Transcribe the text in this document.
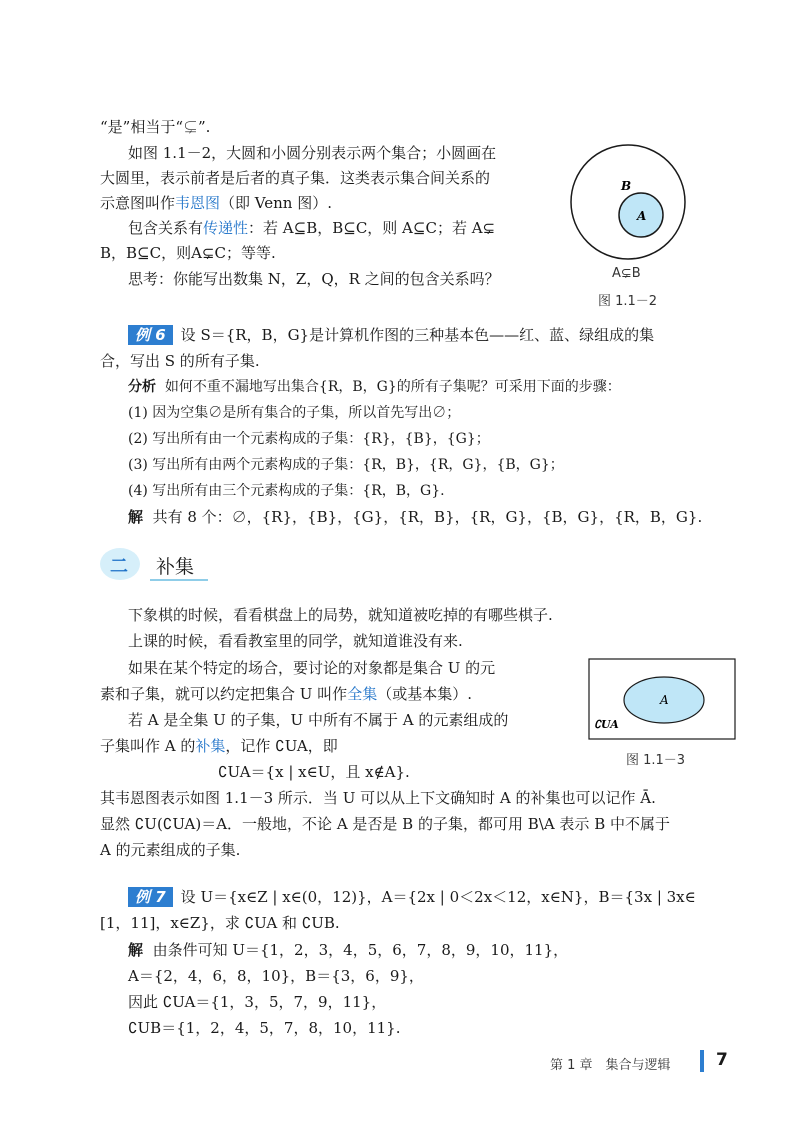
“是”相当于“⊊”.
如图 1.1－2，大圆和小圆分别表示两个集合；小圆画在
大圆里，表示前者是后者的真子集．这类表示集合间关系的
示意图叫作韦恩图（即 Venn 图）.
包含关系有传递性：若 A⊆B，B⊆C，则 A⊆C；若 A⊊
B，B⊆C，则A⊊C；等等.
思考：你能写出数集 N，Z，Q，R 之间的包含关系吗？
B
A
A⊊B
图 1.1－2
例 6 设 S＝{R，B，G}是计算机作图的三种基本色——红、蓝、绿组成的集
合，写出 S 的所有子集.
分析 如何不重不漏地写出集合{R，B，G}的所有子集呢？可采用下面的步骤：
(1) 因为空集∅是所有集合的子集，所以首先写出∅；
(2) 写出所有由一个元素构成的子集：{R}，{B}，{G}；
(3) 写出所有由两个元素构成的子集：{R，B}，{R，G}，{B，G}；
(4) 写出所有由三个元素构成的子集：{R，B，G}.
解 共有 8 个：∅，{R}，{B}，{G}，{R，B}，{R，G}，{B，G}，{R，B，G}.
二 补集
下象棋的时候，看看棋盘上的局势，就知道被吃掉的有哪些棋子.
上课的时候，看看教室里的同学，就知道谁没有来.
如果在某个特定的场合，要讨论的对象都是集合 U 的元
素和子集，就可以约定把集合 U 叫作全集（或基本集）.
若 A 是全集 U 的子集，U 中所有不属于 A 的元素组成的
子集叫作 A 的补集，记作 ∁UA，即
∁UA＝{x | x∈U，且 x∉A}.
其韦恩图表示如图 1.1－3 所示．当 U 可以从上下文确知时 A 的补集也可以记作 Ā.
显然 ∁U(∁UA)＝A．一般地，不论 A 是否是 B 的子集，都可用 B\A 表示 B 中不属于
A 的元素组成的子集.
A
∁UA
图 1.1－3
例 7 设 U＝{x∈Z | x∈(0，12)}，A＝{2x | 0＜2x＜12，x∈N}，B＝{3x | 3x∈
[1，11]，x∈Z}，求 ∁UA 和 ∁UB.
解 由条件可知 U＝{1，2，3，4，5，6，7，8，9，10，11}，
A＝{2，4，6，8，10}，B＝{3，6，9}，
因此 ∁UA＝{1，3，5，7，9，11}，
∁UB＝{1，2，4，5，7，8，10，11}.
第 1 章　集合与逻辑	7
